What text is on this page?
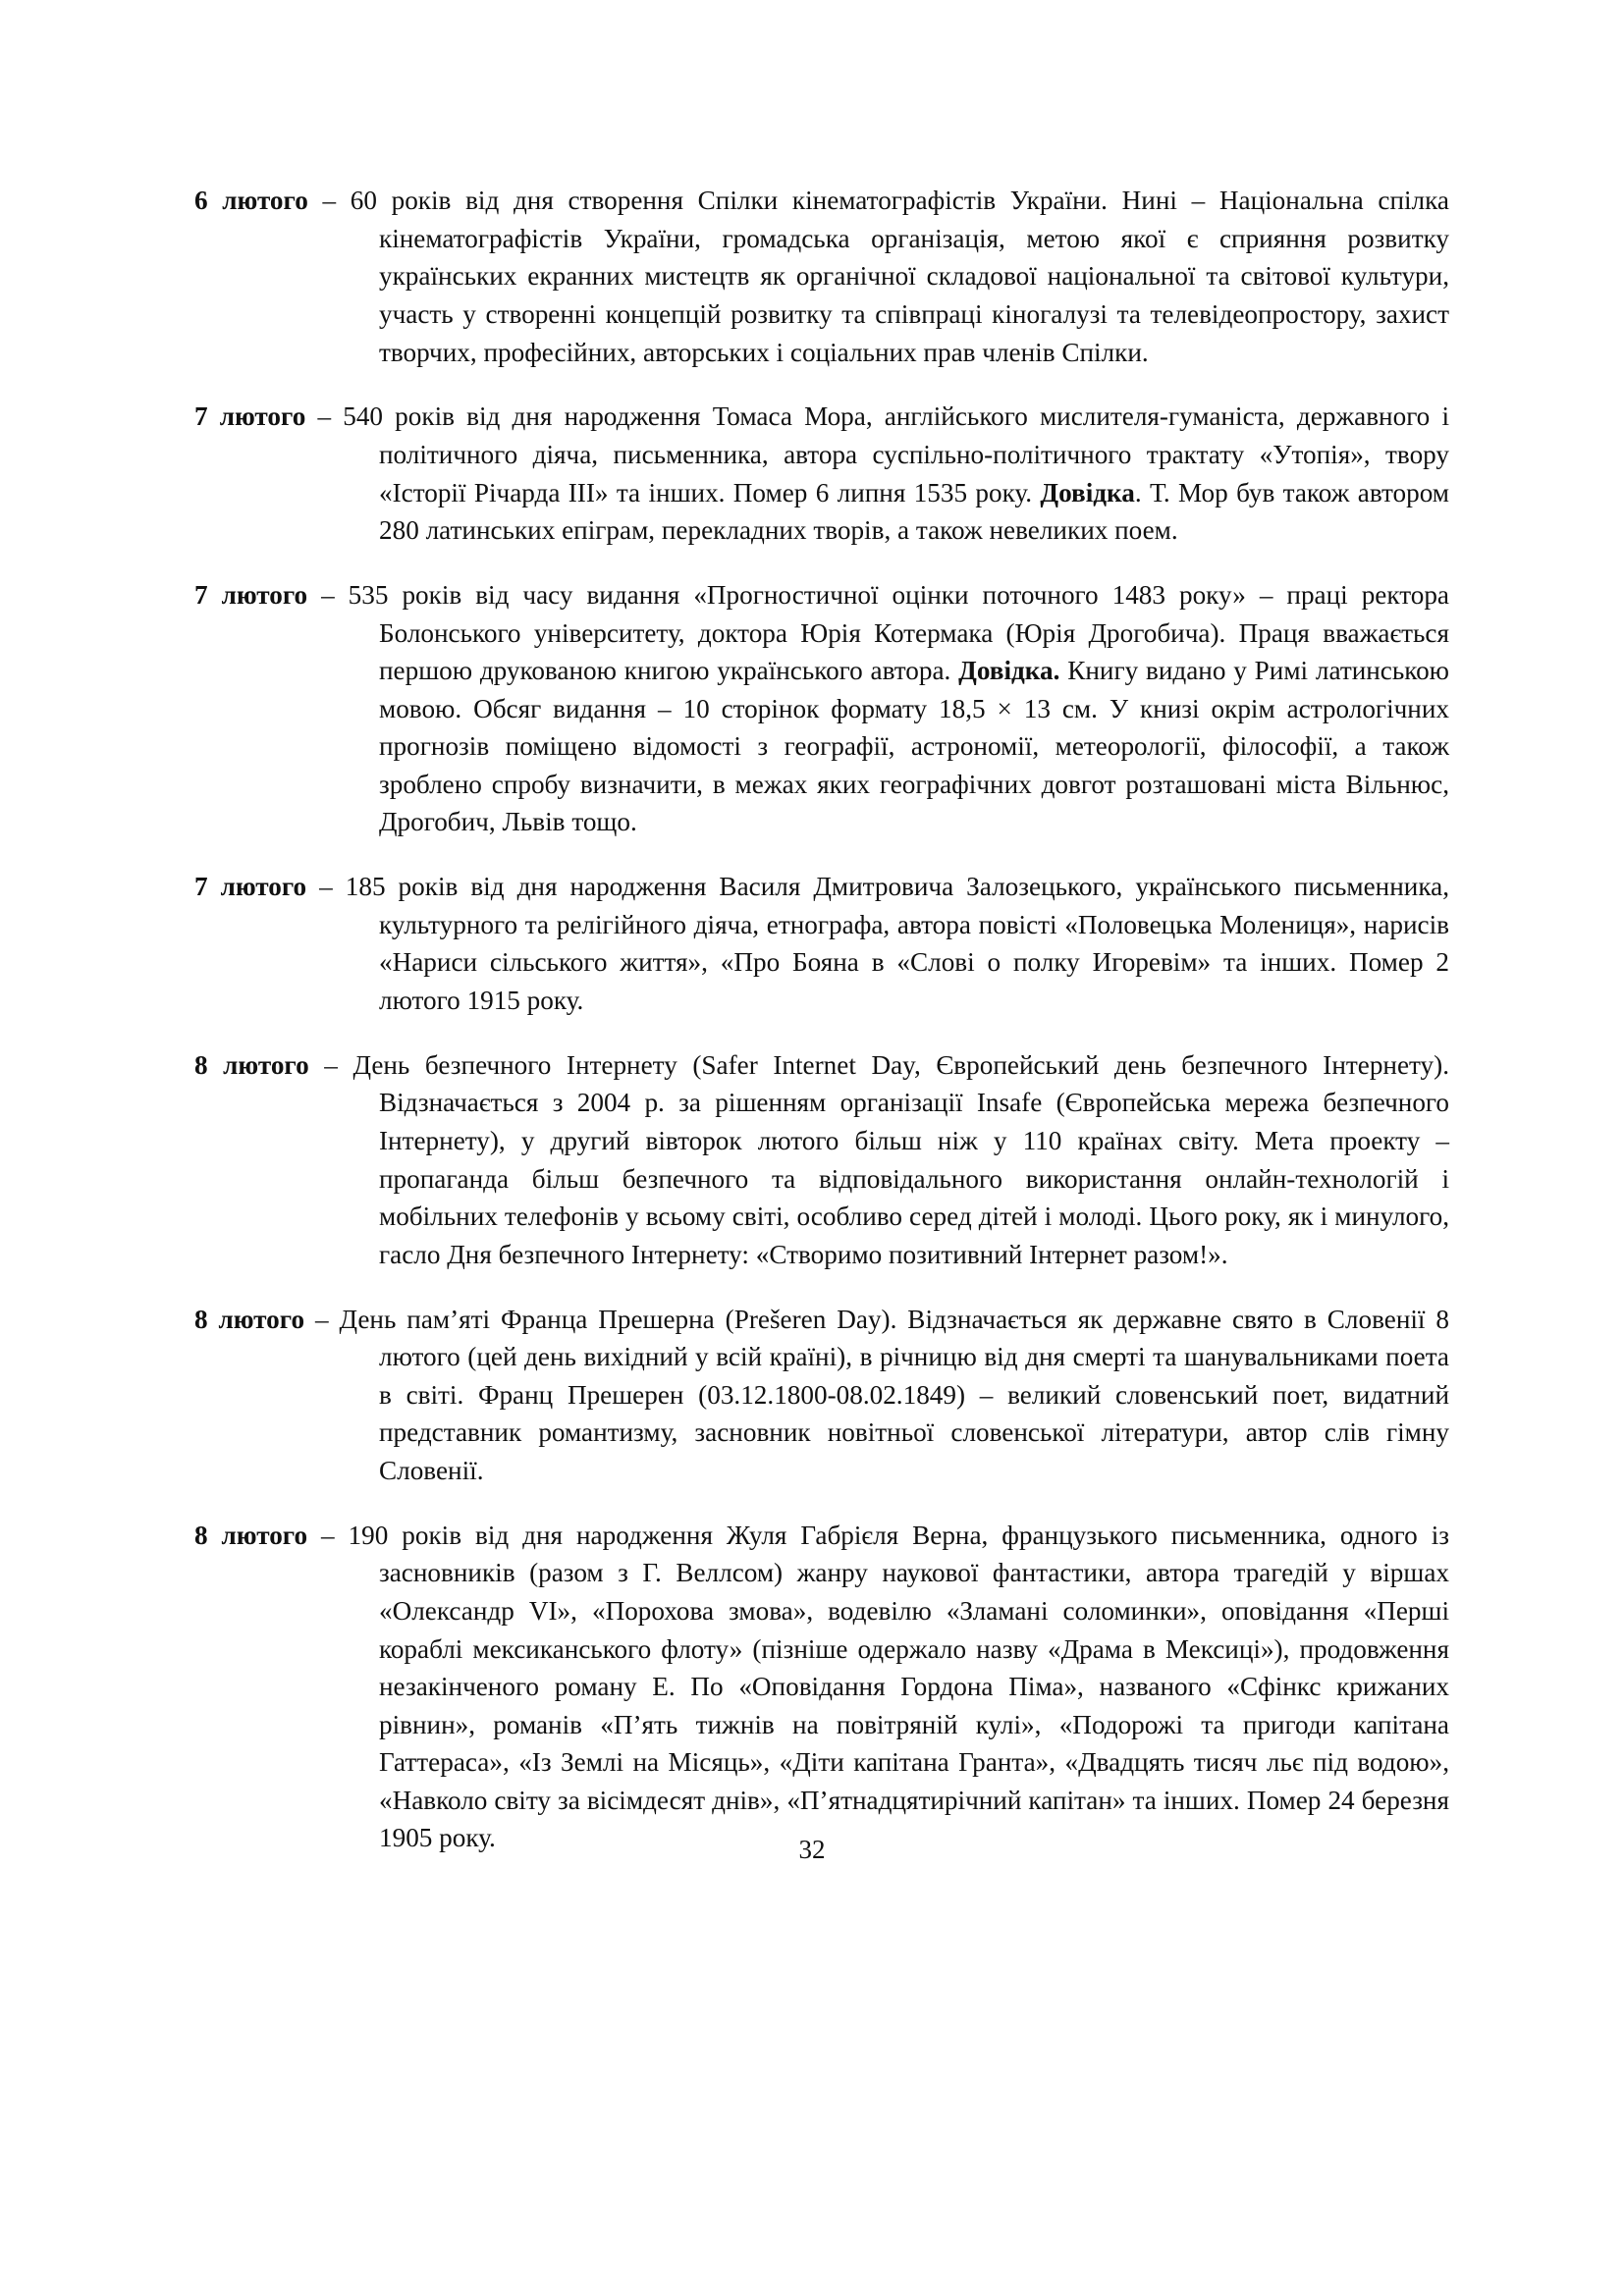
6 лютого – 60 років від дня створення Спілки кінематографістів України. Нині – Національна спілка кінематографістів України, громадська організація, метою якої є сприяння розвитку українських екранних мистецтв як органічної складової національної та світової культури, участь у створенні концепцій розвитку та співпраці кіногалузі та телевідеопростору, захист творчих, професійних, авторських і соціальних прав членів Спілки.

7 лютого – 540 років від дня народження Томаса Мора, англійського мислителя-гуманіста, державного і політичного діяча, письменника, автора суспільно-політичного трактату «Утопія», твору «Історії Річарда III» та інших. Помер 6 липня 1535 року. Довідка. Т. Мор був також автором 280 латинських епіграм, перекладних творів, а також невеликих поем.

7 лютого – 535 років від часу видання «Прогностичної оцінки поточного 1483 року» – праці ректора Болонського університету, доктора Юрія Котермака (Юрія Дрогобича). Праця вважається першою друкованою книгою українського автора. Довідка. Книгу видано у Римі латинською мовою. Обсяг видання – 10 сторінок формату 18,5 × 13 см. У книзі окрім астрологічних прогнозів поміщено відомості з географії, астрономії, метеорології, філософії, а також зроблено спробу визначити, в межах яких географічних довгот розташовані міста Вільнюс, Дрогобич, Львів тощо.

7 лютого – 185 років від дня народження Василя Дмитровича Залозецького, українського письменника, культурного та релігійного діяча, етнографа, автора повісті «Половецька Молениця», нарисів «Нариси сільського життя», «Про Бояна в «Слові о полку Игоревім» та інших. Помер 2 лютого 1915 року.

8 лютого – День безпечного Інтернету (Safer Internet Day, Європейський день безпечного Інтернету). Відзначається з 2004 р. за рішенням організації Insafe (Європейська мережа безпечного Інтернету), у другий вівторок лютого більш ніж у 110 країнах світу. Мета проекту – пропаганда більш безпечного та відповідального використання онлайн-технологій і мобільних телефонів у всьому світі, особливо серед дітей і молоді. Цього року, як і минулого, гасло Дня безпечного Інтернету: «Створимо позитивний Інтернет разом!».

8 лютого – День пам’яті Франца Прешерна (Prešeren Day). Відзначається як державне свято в Словенії 8 лютого (цей день вихідний у всій країні), в річницю від дня смерті та шанувальниками поета в світі. Франц Прешерен (03.12.1800-08.02.1849) – великий словенський поет, видатний представник романтизму, засновник новітньої словенської літератури, автор слів гімну Словенії.

8 лютого – 190 років від дня народження Жуля Габрієля Верна, французького письменника, одного із засновників (разом з Г. Веллсом) жанру наукової фантастики, автора трагедій у віршах «Олександр VI», «Порохова змова», водевілю «Зламані соломинки», оповідання «Перші кораблі мексиканського флоту» (пізніше одержало назву «Драма в Мексиці»), продовження незакінченого роману Е. По «Оповідання Гордона Піма», названого «Сфінкс крижаних рівнин», романів «П’ять тижнів на повітряній кулі», «Подорожі та пригоди капітана Гаттераса», «Із Землі на Місяць», «Діти капітана Гранта», «Двадцять тисяч льє під водою», «Навколо світу за вісімдесят днів», «П’ятнадцятирічний капітан» та інших. Помер 24 березня 1905 року.	32
